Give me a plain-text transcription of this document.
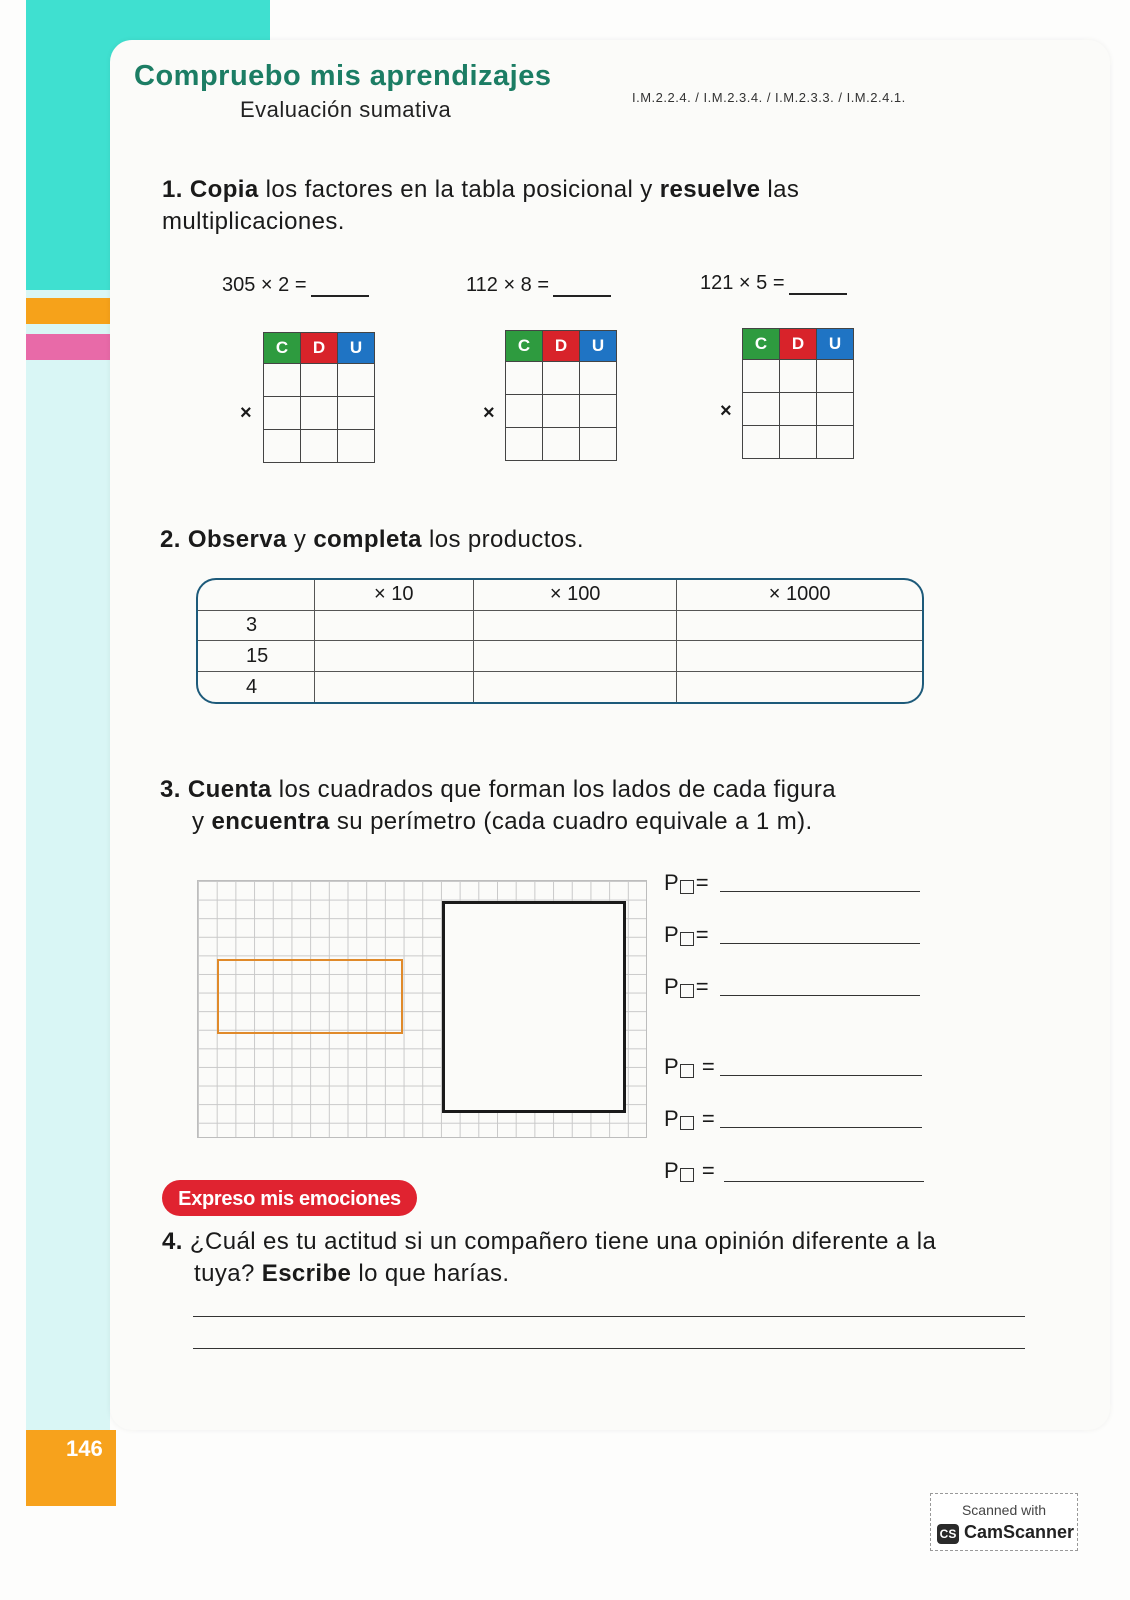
146
Compruebo mis aprendizajes
Evaluación sumativa	I.M.2.2.4. / I.M.2.3.4. / I.M.2.3.3. / I.M.2.4.1.
1. Copia los factores en la tabla posicional y resuelve las multiplicaciones.
305 × 2 =
×
C	D	U

112 × 8 =
×
C	D	U

121 × 5 =
×
C	D	U

2. Observa y completa los productos.
	× 10	× 100	× 1000
3			
15			
4			
3. Cuenta los cuadrados que forman los lados de cada figura
y encuentra su perímetro (cada cuadro equivale a 1 m).
P =
P =
P =
P =
P =
P =
Expreso mis emociones
4. ¿Cuál es tu actitud si un compañero tiene una opinión diferente a la
tuya? Escribe lo que harías.
Scanned with
CS CamScanner
